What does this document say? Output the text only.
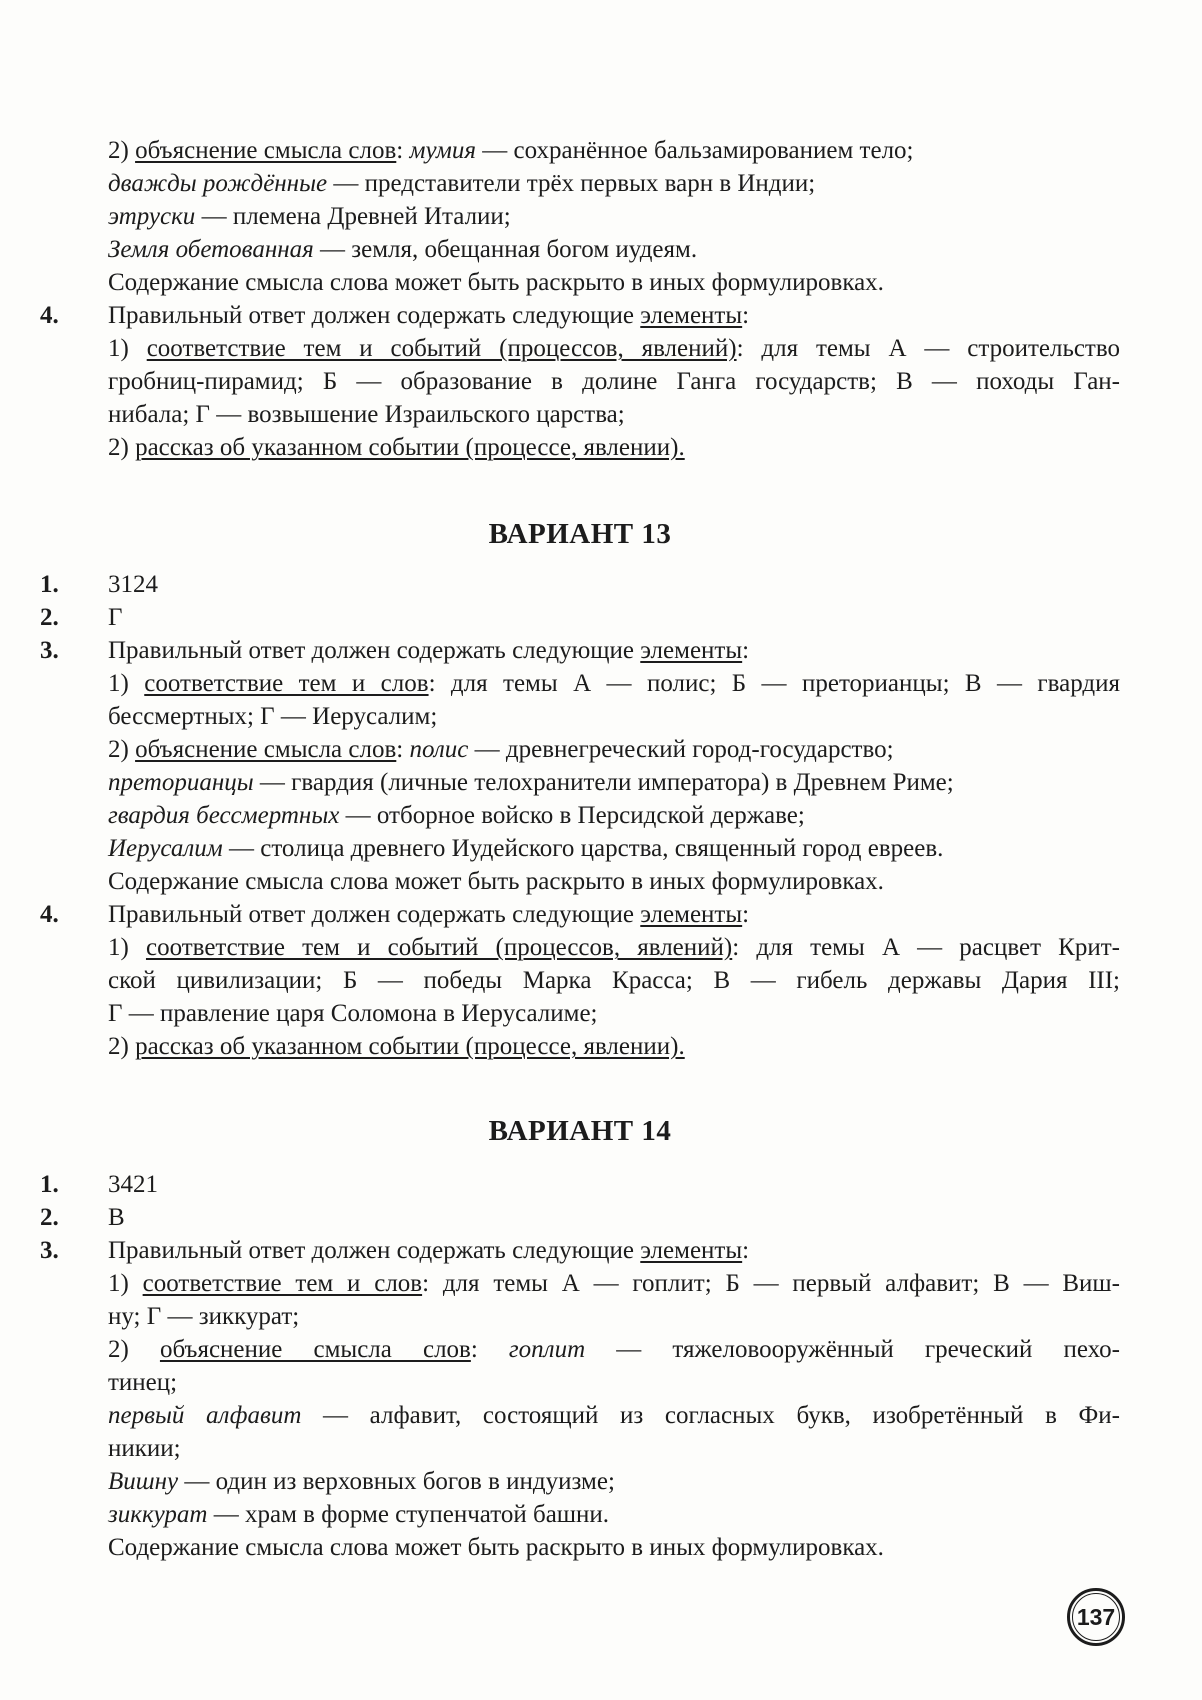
2) объяснение смысла слов: мумия — сохранённое бальзамированием тело;
дважды рождённые — представители трёх первых варн в Индии;
этруски — племена Древней Италии;
Земля обетованная — земля, обещанная богом иудеям.
Содержание смысла слова может быть раскрыто в иных формулировках.
4.	Правильный ответ должен содержать следующие элементы:
1) соответствие тем и событий (процессов, явлений): для темы А — строительство
гробниц-пирамид; Б — образование в долине Ганга государств; В — походы Ган-
нибала; Г — возвышение Израильского царства;
2) рассказ об указанном событии (процессе, явлении).
ВАРИАНТ 13
1.	3124
2.	Г
3.	Правильный ответ должен содержать следующие элементы:
1) соответствие тем и слов: для темы А — полис; Б — преторианцы; В — гвардия
бессмертных; Г — Иерусалим;
2) объяснение смысла слов: полис — древнегреческий город-государство;
преторианцы — гвардия (личные телохранители императора) в Древнем Риме;
гвардия бессмертных — отборное войско в Персидской державе;
Иерусалим — столица древнего Иудейского царства, священный город евреев.
Содержание смысла слова может быть раскрыто в иных формулировках.
4.	Правильный ответ должен содержать следующие элементы:
1) соответствие тем и событий (процессов, явлений): для темы А — расцвет Крит-
ской цивилизации; Б — победы Марка Красса; В — гибель державы Дария III;
Г — правление царя Соломона в Иерусалиме;
2) рассказ об указанном событии (процессе, явлении).
ВАРИАНТ 14
1.	3421
2.	В
3.	Правильный ответ должен содержать следующие элементы:
1) соответствие тем и слов: для темы А — гоплит; Б — первый алфавит; В — Виш-
ну; Г — зиккурат;
2) объяснение смысла слов: гоплит — тяжеловооружённый греческий пехо-
тинец;
первый алфавит — алфавит, состоящий из согласных букв, изобретённый в Фи-
никии;
Вишну — один из верховных богов в индуизме;
зиккурат — храм в форме ступенчатой башни.
Содержание смысла слова может быть раскрыто в иных формулировках.
137
